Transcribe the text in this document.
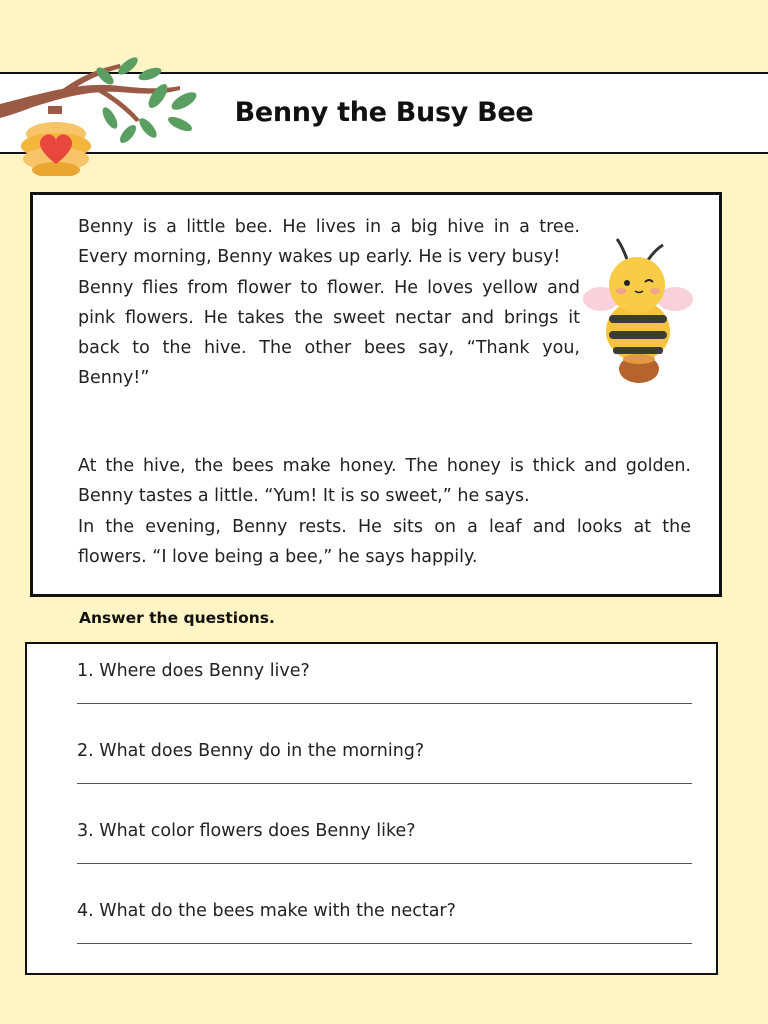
Benny the Busy Bee
Benny is a little bee. He lives in a big hive in a tree. Every morning, Benny wakes up early. He is very busy!
Benny flies from flower to flower. He loves yellow and pink flowers. He takes the sweet nectar and brings it back to the hive. The other bees say, “Thank you, Benny!”
At the hive, the bees make honey. The honey is thick and golden. Benny tastes a little. “Yum! It is so sweet,” he says.
In the evening, Benny rests. He sits on a leaf and looks at the flowers. “I love being a bee,” he says happily.
Answer the questions.
1. Where does Benny live?
2. What does Benny do in the morning?
3. What color flowers does Benny like?
4. What do the bees make with the nectar?
